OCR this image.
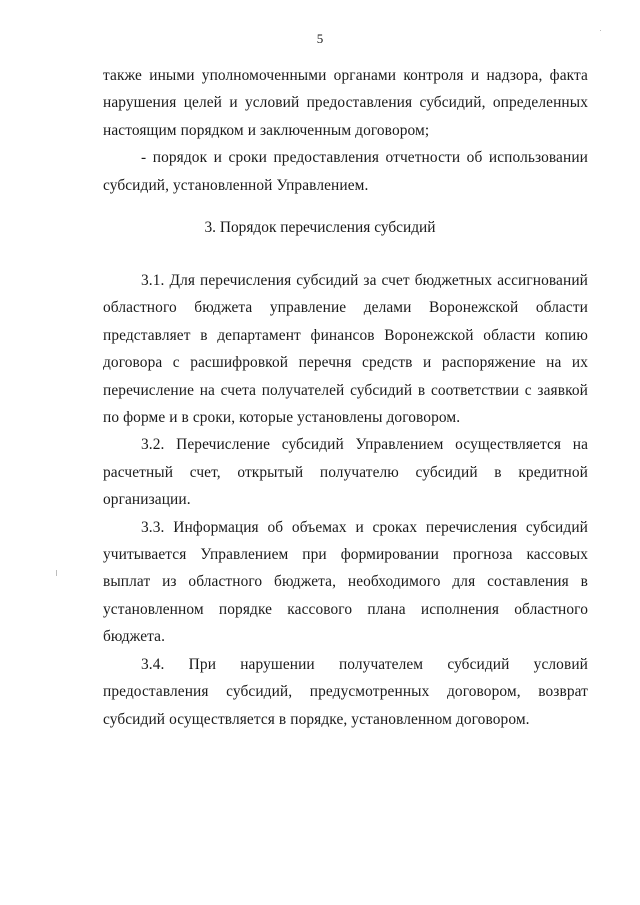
5

также иными уполномоченными органами контроля и надзора, факта нарушения целей и условий предоставления субсидий, определенных настоящим порядком и заключенным договором;

- порядок и сроки предоставления отчетности об использовании субсидий, установленной Управлением.

3. Порядок перечисления субсидий

3.1. Для перечисления субсидий за счет бюджетных ассигнований областного бюджета управление делами Воронежской области представляет в департамент финансов Воронежской области копию договора с расшифровкой перечня средств и распоряжение на их перечисление на счета получателей субсидий в соответствии с заявкой по форме и в сроки, которые установлены договором.

3.2. Перечисление субсидий Управлением осуществляется на расчетный счет, открытый получателю субсидий в кредитной организации.

3.3. Информация об объемах и сроках перечисления субсидий учитывается Управлением при формировании прогноза кассовых выплат из областного бюджета, необходимого для составления в установленном порядке кассового плана исполнения областного бюджета.

3.4. При нарушении получателем субсидий условий предоставления субсидий, предусмотренных договором, возврат субсидий осуществляется в порядке, установленном договором.
